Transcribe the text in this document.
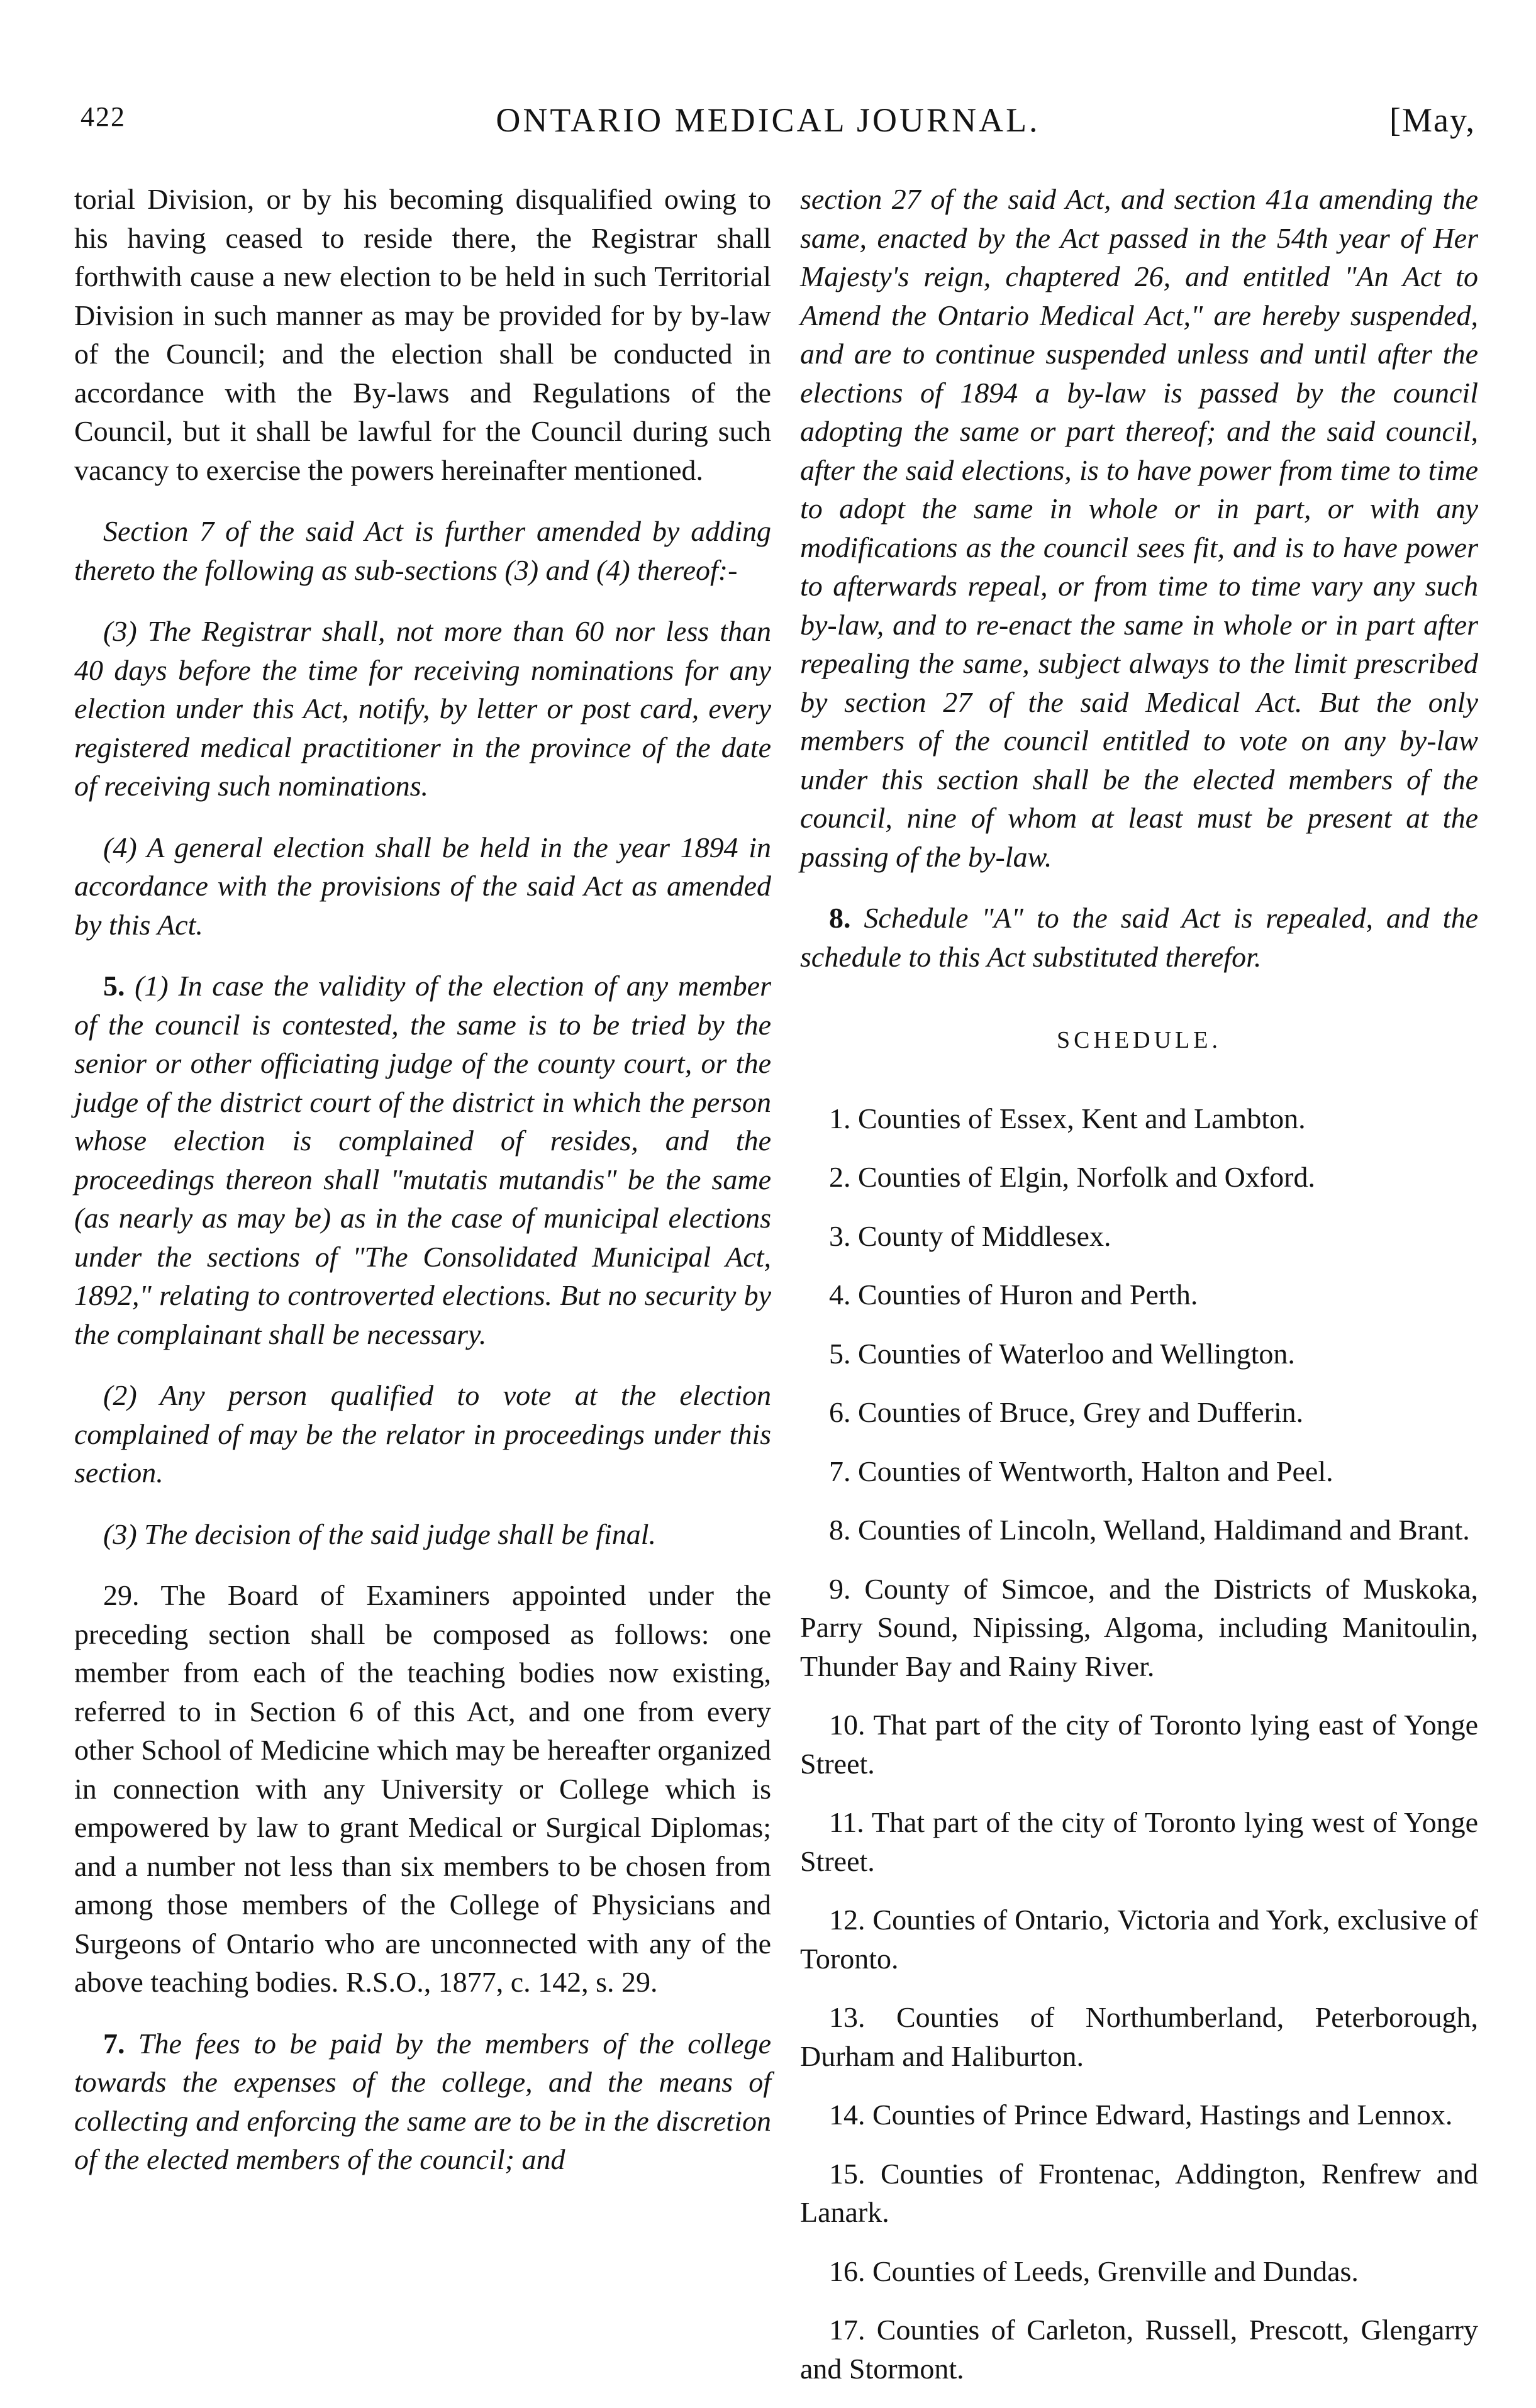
422	ONTARIO MEDICAL JOURNAL.	[May,

torial Division, or by his becoming disqualified owing to his having ceased to reside there, the Registrar shall forthwith cause a new election to be held in such Territorial Division in such manner as may be provided for by by-law of the Council; and the election shall be conducted in accordance with the By-laws and Regulations of the Council, but it shall be lawful for the Council during such vacancy to exercise the powers hereinafter mentioned.

Section 7 of the said Act is further amended by adding thereto the following as sub-sections (3) and (4) thereof:-

(3) The Registrar shall, not more than 60 nor less than 40 days before the time for receiving nominations for any election under this Act, notify, by letter or post card, every registered medical practitioner in the province of the date of receiving such nominations.

(4) A general election shall be held in the year 1894 in accordance with the provisions of the said Act as amended by this Act.

5. (1) In case the validity of the election of any member of the council is contested, the same is to be tried by the senior or other officiating judge of the county court, or the judge of the district court of the district in which the person whose election is complained of resides, and the proceedings thereon shall "mutatis mutandis" be the same (as nearly as may be) as in the case of municipal elections under the sections of "The Consolidated Municipal Act, 1892," relating to controverted elections. But no security by the complainant shall be necessary.

(2) Any person qualified to vote at the election complained of may be the relator in proceedings under this section.

(3) The decision of the said judge shall be final.

29. The Board of Examiners appointed under the preceding section shall be composed as follows: one member from each of the teaching bodies now existing, referred to in Section 6 of this Act, and one from every other School of Medicine which may be hereafter organized in connection with any University or College which is empowered by law to grant Medical or Surgical Diplomas; and a number not less than six members to be chosen from among those members of the College of Physicians and Surgeons of Ontario who are unconnected with any of the above teaching bodies. R.S.O., 1877, c. 142, s. 29.

7. The fees to be paid by the members of the college towards the expenses of the college, and the means of collecting and enforcing the same are to be in the discretion of the elected members of the council; and

section 27 of the said Act, and section 41a amending the same, enacted by the Act passed in the 54th year of Her Majesty's reign, chaptered 26, and entitled "An Act to Amend the Ontario Medical Act," are hereby suspended, and are to continue suspended unless and until after the elections of 1894 a by-law is passed by the council adopting the same or part thereof; and the said council, after the said elections, is to have power from time to time to adopt the same in whole or in part, or with any modifications as the council sees fit, and is to have power to afterwards repeal, or from time to time vary any such by-law, and to re-enact the same in whole or in part after repealing the same, subject always to the limit prescribed by section 27 of the said Medical Act. But the only members of the council entitled to vote on any by-law under this section shall be the elected members of the council, nine of whom at least must be present at the passing of the by-law.

8. Schedule "A" to the said Act is repealed, and the schedule to this Act substituted therefor.

SCHEDULE.
1. Counties of Essex, Kent and Lambton.
2. Counties of Elgin, Norfolk and Oxford.
3. County of Middlesex.
4. Counties of Huron and Perth.
5. Counties of Waterloo and Wellington.
6. Counties of Bruce, Grey and Dufferin.
7. Counties of Wentworth, Halton and Peel.
8. Counties of Lincoln, Welland, Haldimand and Brant.
9. County of Simcoe, and the Districts of Muskoka, Parry Sound, Nipissing, Algoma, including Manitoulin, Thunder Bay and Rainy River.
10. That part of the city of Toronto lying east of Yonge Street.
11. That part of the city of Toronto lying west of Yonge Street.
12. Counties of Ontario, Victoria and York, exclusive of Toronto.
13. Counties of Northumberland, Peterborough, Durham and Haliburton.
14. Counties of Prince Edward, Hastings and Lennox.
15. Counties of Frontenac, Addington, Renfrew and Lanark.
16. Counties of Leeds, Grenville and Dundas.
17. Counties of Carleton, Russell, Prescott, Glengarry and Stormont.
